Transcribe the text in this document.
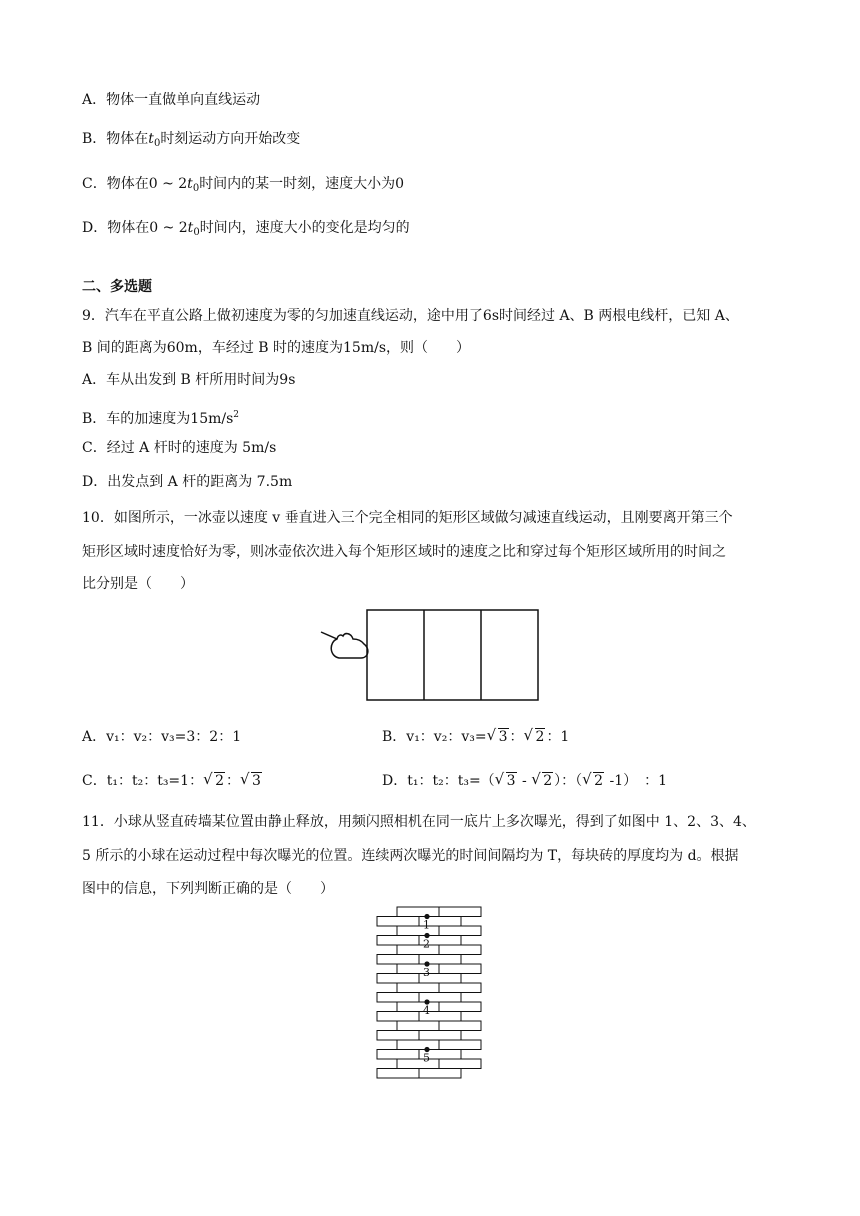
A．物体一直做单向直线运动
B．物体在$t_0$时刻运动方向开始改变
C．物体在0 ~ $2t_0$时间内的某一时刻，速度大小为0
D．物体在0 ~ $2t_0$时间内，速度大小的变化是均匀的
二、多选题
9．汽车在平直公路上做初速度为零的匀加速直线运动，途中用了6s时间经过 A、B 两根电线杆，已知 A、
B 间的距离为60m，车经过 B 时的速度为15m/s，则（　　）
A．车从出发到 B 杆所用时间为9s
B．车的加速度为$15m/s^2$
C．经过 A 杆时的速度为 5m/s
D．出发点到 A 杆的距离为 7.5m
10．如图所示，一冰壶以速度 v 垂直进入三个完全相同的矩形区域做匀减速直线运动，且刚要离开第三个
矩形区域时速度恰好为零，则冰壶依次进入每个矩形区域时的速度之比和穿过每个矩形区域所用的时间之
比分别是（　　）
A．v₁：v₂：v₃=3：2：1	B．v₁：v₂：v₃= √ 3 ： √ 2 ：1
C．t₁：t₂：t₃=1： √ 2 ： √ 3	D．t₁：t₂：t₃=（ √ 3 - √ 2 ）：（ √ 2 -1）　：1
11．小球从竖直砖墙某位置由静止释放，用频闪照相机在同一底片上多次曝光，得到了如图中 1、2、3、4、
5 所示的小球在运动过程中每次曝光的位置。连续两次曝光的时间间隔均为 T，每块砖的厚度均为 d。根据
图中的信息，下列判断正确的是（　　）
1
2
3
4
5
